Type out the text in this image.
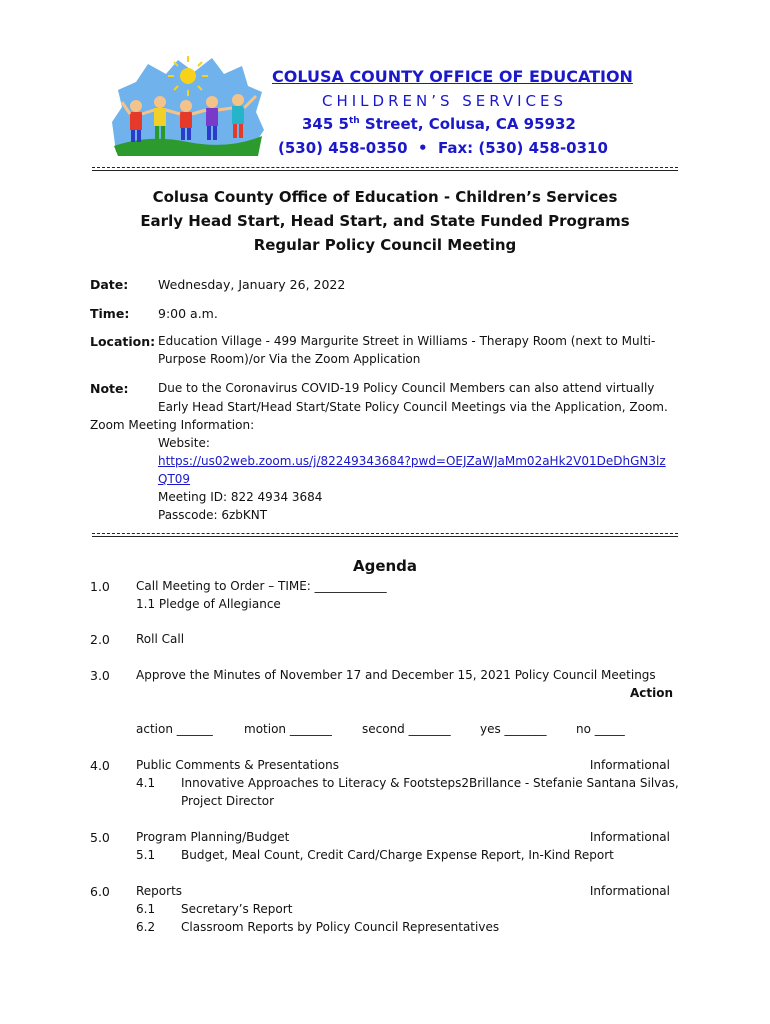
COLUSA COUNTY OFFICE OF EDUCATION
CHILDREN’S SERVICES
345 5th Street, Colusa, CA 95932
(530) 458-0350  •  Fax: (530) 458-0310
Colusa County Office of Education - Children’s Services
Early Head Start, Head Start, and State Funded Programs
Regular Policy Council Meeting
Date: Wednesday, January 26, 2022
Time: 9:00 a.m.
Location: Education Village - 499 Margurite Street in Williams - Therapy Room (next to Multi-
Purpose Room)/or Via the Zoom Application
Note: Due to the Coronavirus COVID-19 Policy Council Members can also attend virtually
Early Head Start/Head Start/State Policy Council Meetings via the Application, Zoom.
Zoom Meeting Information:
Website:
https://us02web.zoom.us/j/82249343684?pwd=OEJZaWJaMm02aHk2V01DeDhGN3lz
QT09
Meeting ID: 822 4934 3684
Passcode: 6zbKNT
Agenda
1.0 Call Meeting to Order – TIME: ____________
1.1 Pledge of Allegiance
2.0 Roll Call
3.0 Approve the Minutes of November 17 and December 15, 2021 Policy Council Meetings
Action
action ______	motion _______	second _______ yes _______ no _____
4.0 Public Comments & Presentations	Informational
4.1 Innovative Approaches to Literacy & Footsteps2Brillance - Stefanie Santana Silvas,
Project Director
5.0 Program Planning/Budget	Informational
5.1 Budget, Meal Count, Credit Card/Charge Expense Report, In-Kind Report
6.0 Reports	Informational
6.1 Secretary’s Report
6.2 Classroom Reports by Policy Council Representatives
